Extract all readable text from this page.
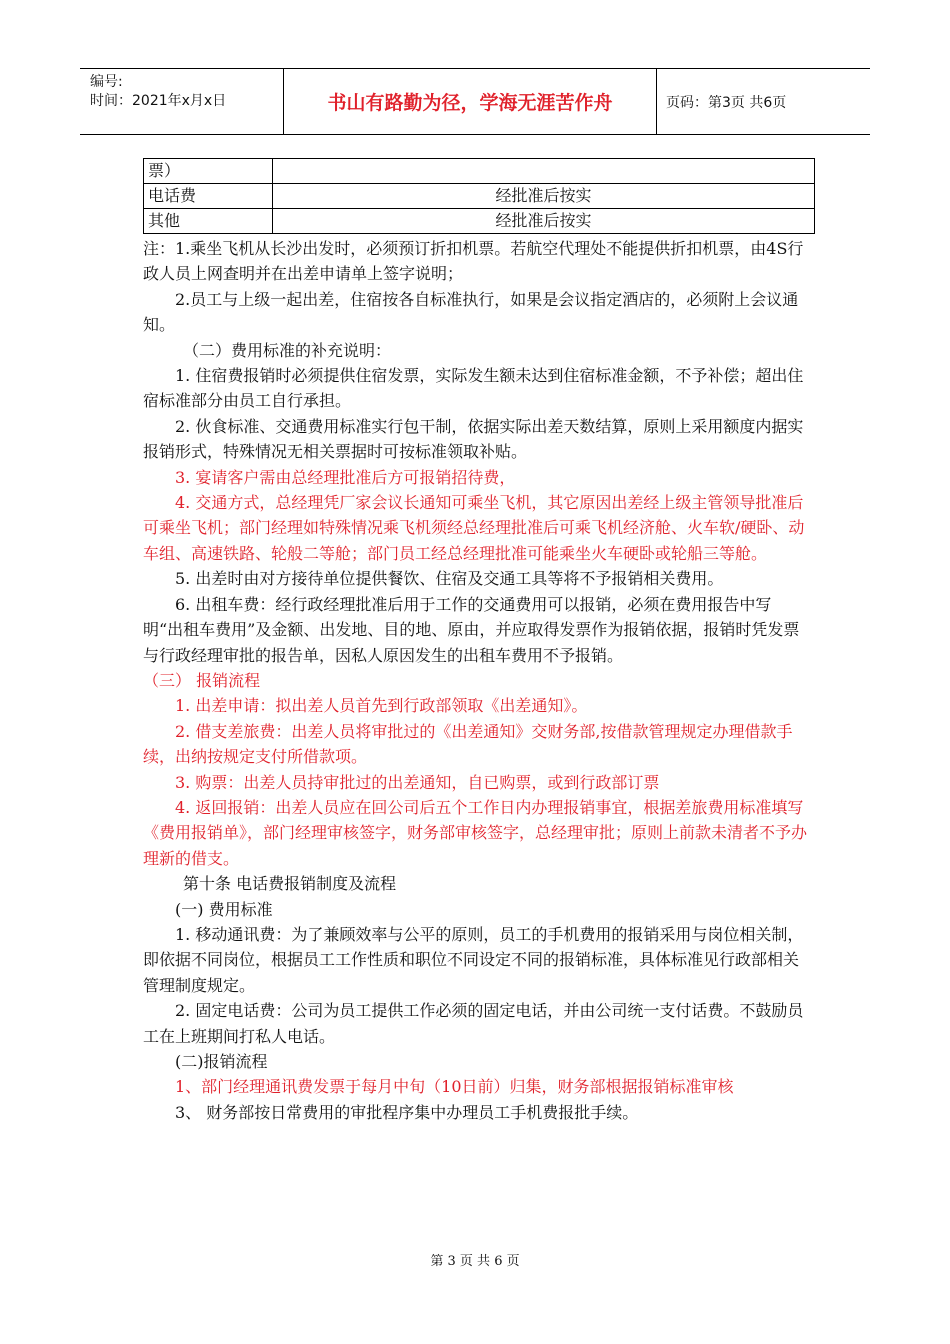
编号:
时间：2021年x月x日	书山有路勤为径，学海无涯苦作舟	页码：第3页 共6页
票）	
电话费	经批准后按实
其他	经批准后按实

注：1.乘坐飞机从长沙出发时，必须预订折扣机票。若航空代理处不能提供折扣机票，由4S行政人员上网查明并在出差申请单上签字说明；

2.员工与上级一起出差，住宿按各自标准执行，如果是会议指定酒店的，必须附上会议通知。

（二）费用标准的补充说明：

1. 住宿费报销时必须提供住宿发票，实际发生额未达到住宿标准金额，不予补偿；超出住宿标准部分由员工自行承担。

2. 伙食标准、交通费用标准实行包干制，依据实际出差天数结算，原则上采用额度内据实报销形式，特殊情况无相关票据时可按标准领取补贴。

3. 宴请客户需由总经理批准后方可报销招待费，

4. 交通方式，总经理凭厂家会议长通知可乘坐飞机，其它原因出差经上级主管领导批准后可乘坐飞机；部门经理如特殊情况乘飞机须经总经理批准后可乘飞机经济舱、火车软/硬卧、动车组、高速铁路、轮般二等舱；部门员工经总经理批准可能乘坐火车硬卧或轮船三等舱。

5. 出差时由对方接待单位提供餐饮、住宿及交通工具等将不予报销相关费用。

6. 出租车费：经行政经理批准后用于工作的交通费用可以报销，必须在费用报告中写明“出租车费用”及金额、出发地、目的地、原由，并应取得发票作为报销依据，报销时凭发票与行政经理审批的报告单，因私人原因发生的出租车费用不予报销。

（三） 报销流程

1. 出差申请：拟出差人员首先到行政部领取《出差通知》。

2. 借支差旅费：出差人员将审批过的《出差通知》交财务部,按借款管理规定办理借款手续，出纳按规定支付所借款项。

3. 购票：出差人员持审批过的出差通知，自已购票，或到行政部订票

4. 返回报销：出差人员应在回公司后五个工作日内办理报销事宜，根据差旅费用标准填写《费用报销单》，部门经理审核签字，财务部审核签字，总经理审批；原则上前款未清者不予办理新的借支。

第十条 电话费报销制度及流程

(一) 费用标准

1. 移动通讯费：为了兼顾效率与公平的原则，员工的手机费用的报销采用与岗位相关制，即依据不同岗位，根据员工工作性质和职位不同设定不同的报销标准，具体标准见行政部相关管理制度规定。

2. 固定电话费：公司为员工提供工作必须的固定电话，并由公司统一支付话费。不鼓励员工在上班期间打私人电话。

(二)报销流程

1、部门经理通讯费发票于每月中旬（10日前）归集，财务部根据报销标准审核

3、 财务部按日常费用的审批程序集中办理员工手机费报批手续。

第 3 页 共 6 页
